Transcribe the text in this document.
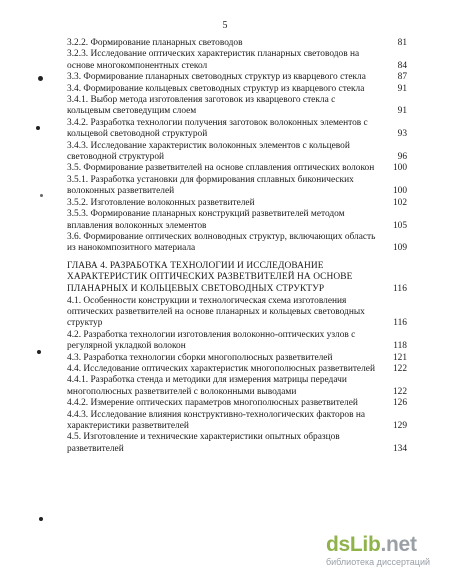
5
3.2.2. Формирование планарных световодов	81
3.2.3. Исследование оптических характеристик планарных световодов на основе многокомпонентных стекол	84
3.3. Формирование планарных световодных структур из кварцевого стекла	87
3.4. Формирование кольцевых световодных структур из кварцевого стекла	91
3.4.1. Выбор метода изготовления заготовок из кварцевого стекла с кольцевым световедущим слоем	91
3.4.2. Разработка технологии получения заготовок волоконных элементов с кольцевой световодной структурой	93
3.4.3. Исследование характеристик волоконных элементов с кольцевой световодной структурой	96
3.5. Формирование разветвителей на основе сплавления оптических волокон	100
3.5.1. Разработка установки для формирования сплавных биконических волоконных разветвителей	100
3.5.2. Изготовление волоконных разветвителей	102
3.5.3. Формирование планарных конструкций разветвителей методом вплавления волоконных элементов	105
3.6. Формирование оптических волноводных структур, включающих область из нанокомпозитного материала	109
ГЛАВА 4. РАЗРАБОТКА ТЕХНОЛОГИИ И ИССЛЕДОВАНИЕ ХАРАКТЕРИСТИК ОПТИЧЕСКИХ РАЗВЕТВИТЕЛЕЙ НА ОСНОВЕ ПЛАНАРНЫХ И КОЛЬЦЕВЫХ СВЕТОВОДНЫХ СТРУКТУР	116
4.1. Особенности конструкции и технологическая схема изготовления оптических разветвителей на основе планарных и кольцевых световодных структур	116
4.2. Разработка технологии изготовления волоконно-оптических узлов с регулярной укладкой волокон	118
4.3. Разработка технологии сборки многополюсных разветвителей	121
4.4. Исследование оптических характеристик многополюсных разветвителей	122
4.4.1. Разработка стенда и методики для измерения матрицы передачи многополюсных разветвителей с волоконными выводами	122
4.4.2. Измерение оптических параметров многополюсных разветвителей	126
4.4.3. Исследование влияния конструктивно-технологических факторов на характеристики разветвителей	129
4.5. Изготовление и технические характеристики опытных образцов разветвителей	134
dsLib.net
библиотека диссертаций
